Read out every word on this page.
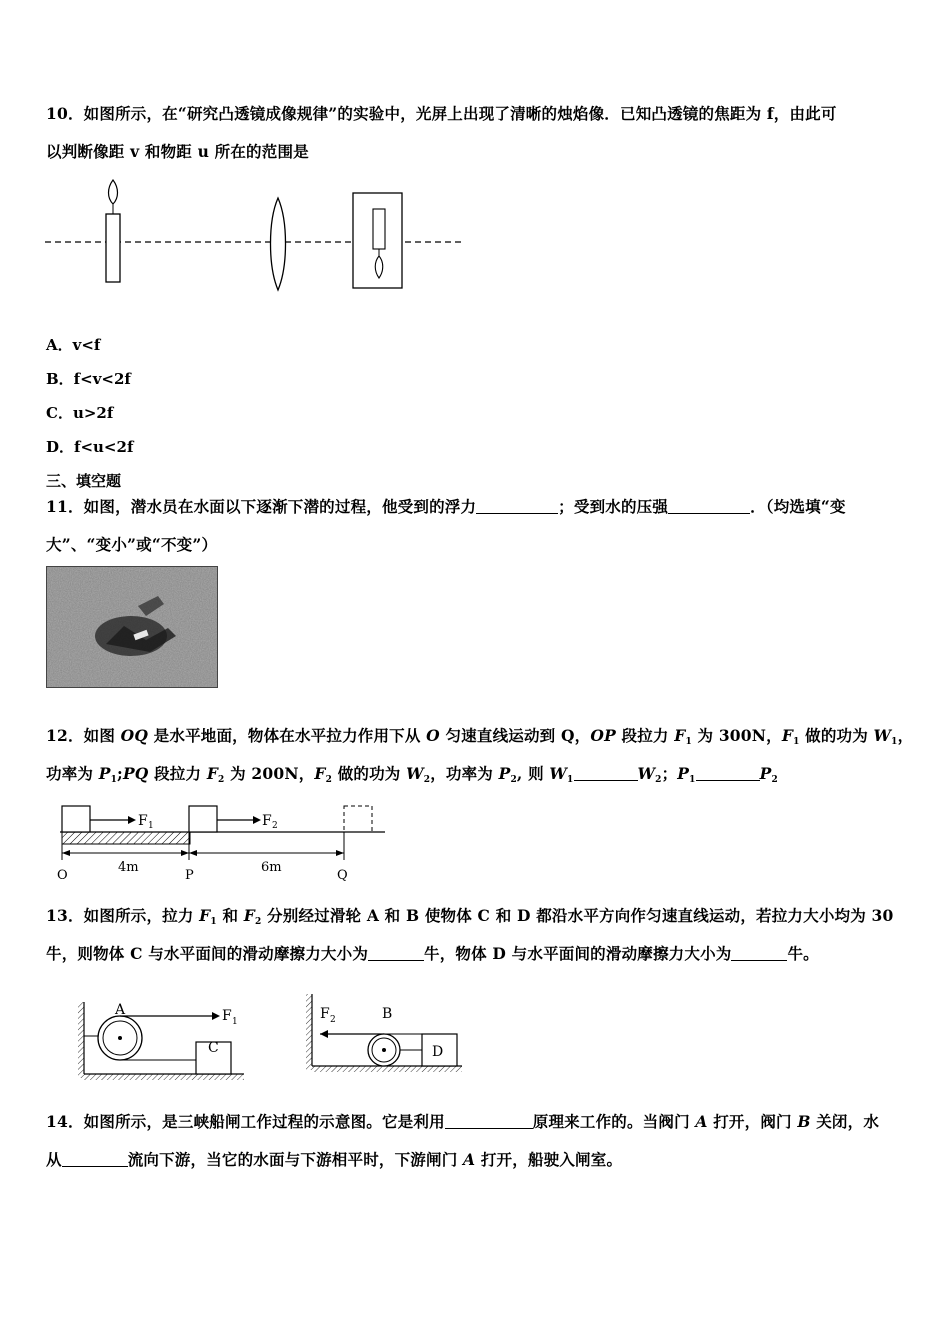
10．如图所示，在“研究凸透镜成像规律”的实验中，光屏上出现了清晰的烛焰像．已知凸透镜的焦距为 f，由此可
以判断像距 v 和物距 u 所在的范围是
A．v<f
B．f<v<2f
C．u>2f
D．f<u<2f
三、填空题
11．如图，潜水员在水面以下逐渐下潜的过程，他受到的浮力	；受到水的压强	．（均选填“变
大”、“变小”或“不变”）
12．如图 OQ 是水平地面，物体在水平拉力作用下从 O 匀速直线运动到 Q，OP 段拉力 $F_1$ 为 300N，$F_1$ 做的功为 $W_1$，
功率为 $P_1;PQ$ 段拉力 $F_2$ 为 200N，$F_2$ 做的功为 $W_2$，功率为 $P_2$, 则 $W_1$	$W_2$；$P_1$	$P_2$
F 1	F 2
4m	6m
O	P	Q
13．如图所示，拉力 $F_1$ 和 $F_2$ 分别经过滑轮 A 和 B 使物体 C 和 D 都沿水平方向作匀速直线运动，若拉力大小均为 30
牛，则物体 C 与水平面间的滑动摩擦力大小为	牛，物体 D 与水平面间的滑动摩擦力大小为	牛。
A
C
F 1	F 2	B
D
14．如图所示，是三峡船闸工作过程的示意图。它是利用	原理来工作的。当阀门 A 打开，阀门 B 关闭，水
从	流向下游，当它的水面与下游相平时，下游闸门 A 打开，船驶入闸室。
